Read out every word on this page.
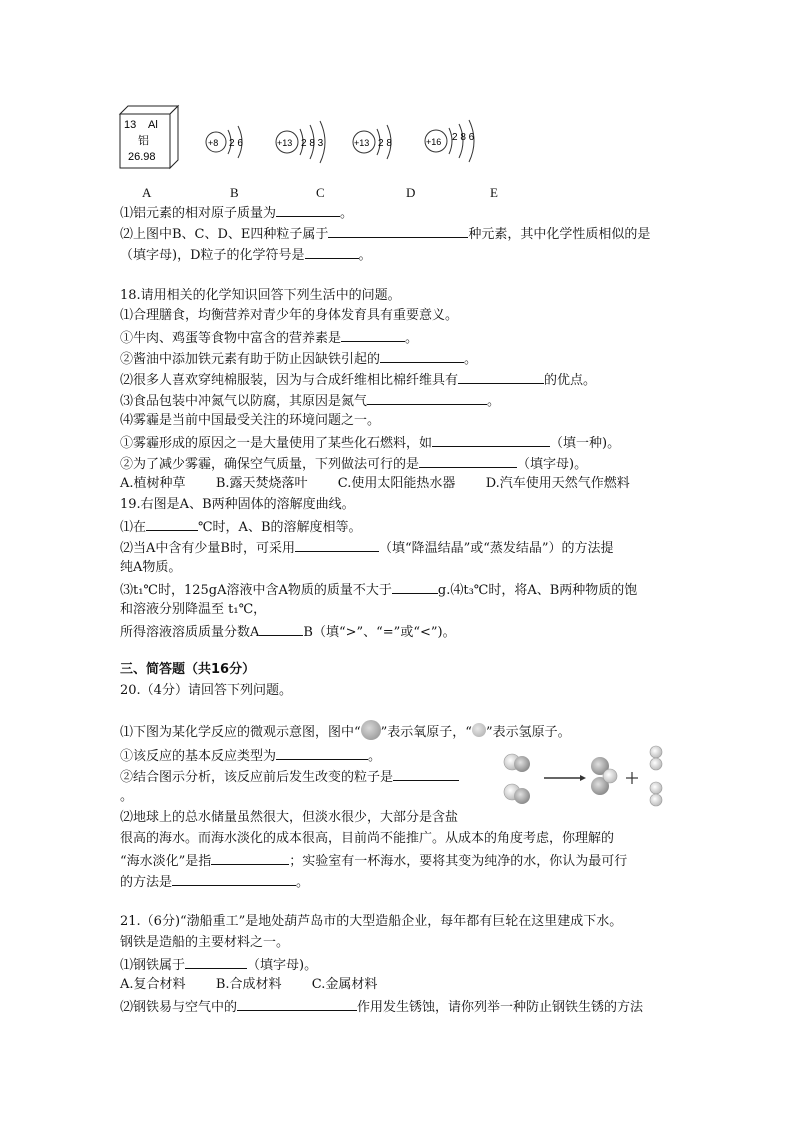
13 Al
铝
26.98
+8 2 6	+13 2 8 3	+13 2 8	+16 2 8 6
A	B	C	D	E
⑴铝元素的相对原子质量为	。
⑵上图中B、C、D、E四种粒子属于	种元素，其中化学性质相似的是
（填字母)，D粒子的化学符号是	。
18.请用相关的化学知识回答下列生活中的问题。
⑴合理膳食，均衡营养对青少年的身体发育具有重要意义。
①牛肉、鸡蛋等食物中富含的营养素是	。
②酱油中添加铁元素有助于防止因缺铁引起的	。
⑵很多人喜欢穿纯棉服装，因为与合成纤维相比棉纤维具有	的优点。
⑶食品包装中冲氮气以防腐，其原因是氮气	。
⑷雾霾是当前中国最受关注的环境问题之一。
①雾霾形成的原因之一是大量使用了某些化石燃料，如	（填一种)。
②为了减少雾霾，确保空气质量，下列做法可行的是	（填字母)。
A.植树种草 B.露天焚烧落叶 C.使用太阳能热水器 D.汽车使用天然气作燃料
19.右图是A、B两种固体的溶解度曲线。
⑴在	℃时，A、B的溶解度相等。
⑵当A中含有少量B时，可采用	（填“降温结晶”或“蒸发结晶”）的方法提
纯A物质。
⑶t₁℃时，125gA溶液中含A物质的质量不大于	g.⑷t₃℃时，将A、B两种物质的饱
和溶液分别降温至 t₁℃，
所得溶液溶质质量分数A	B（填“>”、“=”或“<”)。
三、简答题（共16分）
20.（4分）请回答下列问题。
⑴下图为某化学反应的微观示意图，图中“ ”表示氧原子，“ ”表示氢原子。
①该反应的基本反应类型为	。
②结合图示分析，该反应前后发生改变的粒子是
。
⑵地球上的总水储量虽然很大，但淡水很少，大部分是含盐
很高的海水。而海水淡化的成本很高，目前尚不能推广。从成本的角度考虑，你理解的
“海水淡化”是指	；实验室有一杯海水，要将其变为纯净的水，你认为最可行
的方法是	。
21.（6分)“渤船重工”是地处葫芦岛市的大型造船企业，每年都有巨轮在这里建成下水。
钢铁是造船的主要材料之一。
⑴钢铁属于	（填字母)。
A.复合材料 B.合成材料 C.金属材料
⑵钢铁易与空气中的	作用发生锈蚀，请你列举一种防止钢铁生锈的方法
